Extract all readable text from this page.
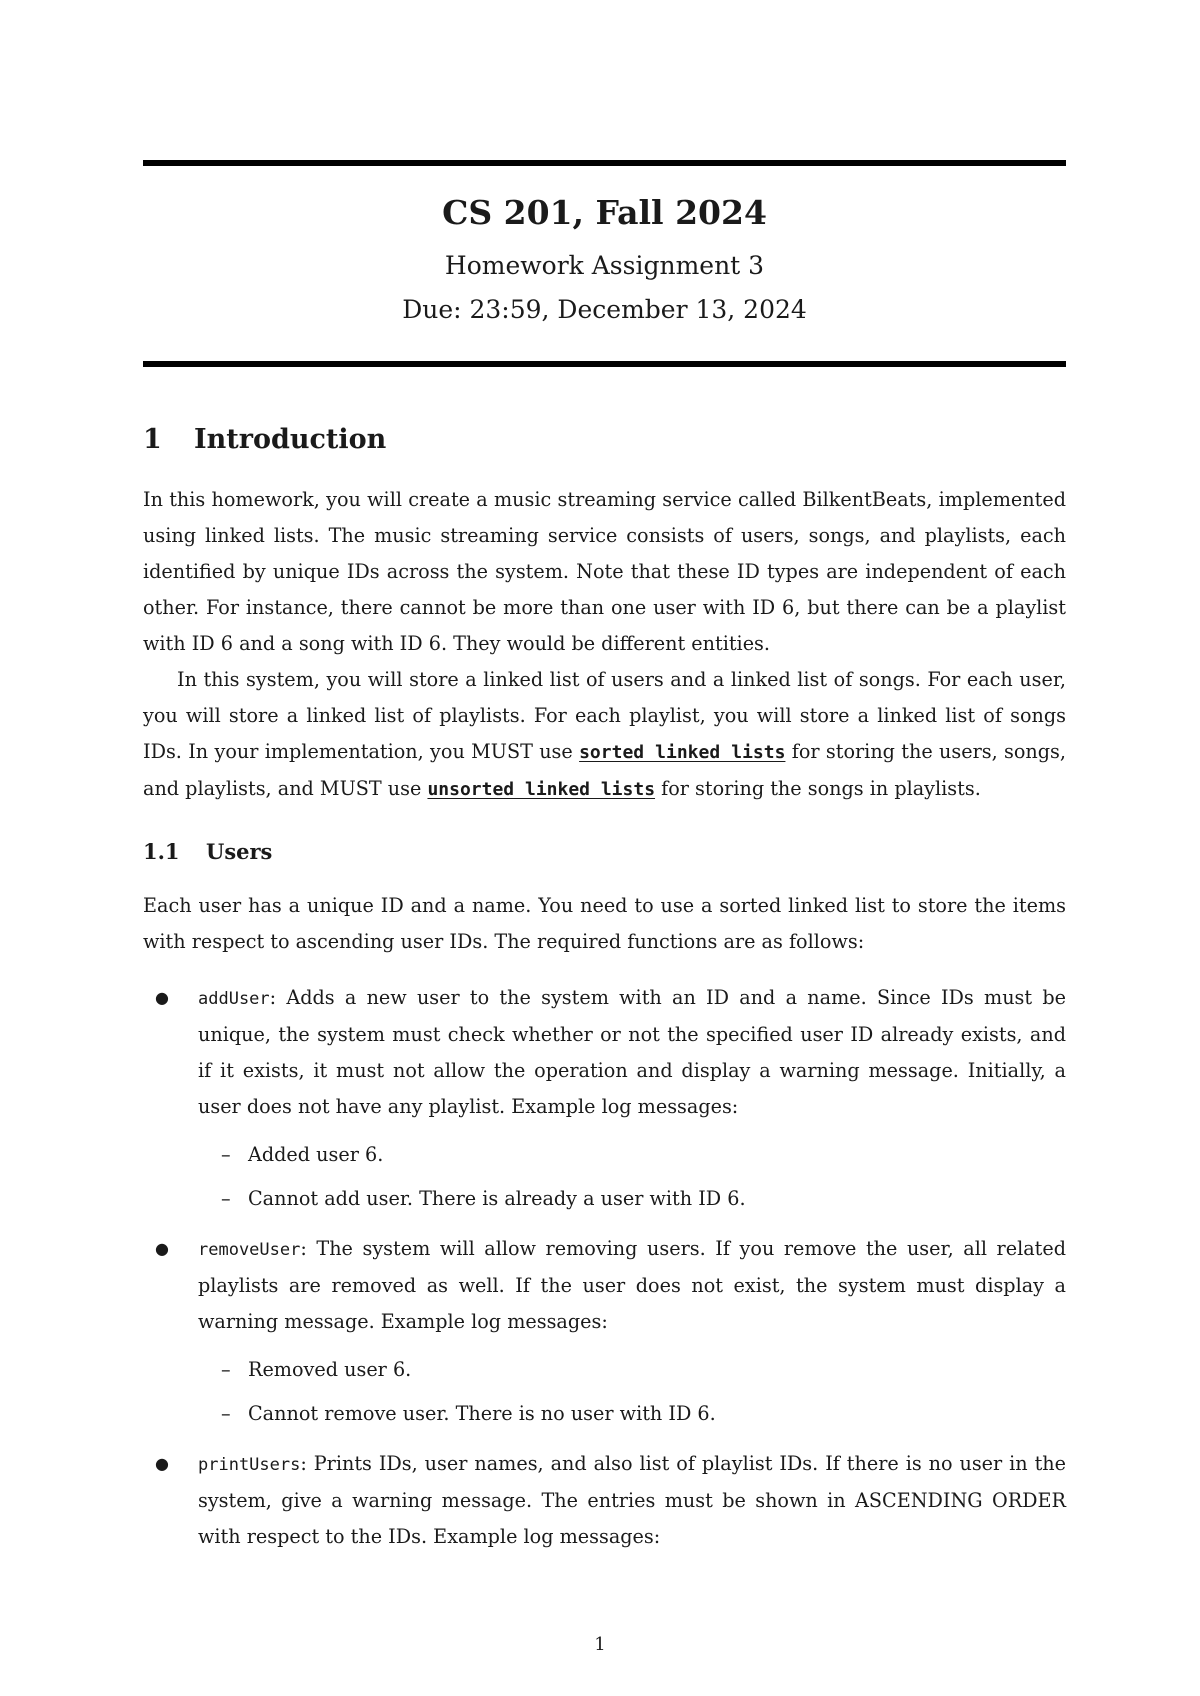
CS 201, Fall 2024
Homework Assignment 3
Due: 23:59, December 13, 2024
1 Introduction

In this homework, you will create a music streaming service called BilkentBeats, implemented using linked lists. The music streaming service consists of users, songs, and playlists, each identified by unique IDs across the system. Note that these ID types are independent of each other. For instance, there cannot be more than one user with ID 6, but there can be a playlist with ID 6 and a song with ID 6. They would be different entities.

In this system, you will store a linked list of users and a linked list of songs. For each user, you will store a linked list of playlists. For each playlist, you will store a linked list of songs IDs. In your implementation, you MUST use sorted linked lists for storing the users, songs, and playlists, and MUST use unsorted linked lists for storing the songs in playlists.

1.1 Users

Each user has a unique ID and a name. You need to use a sorted linked list to store the items with respect to ascending user IDs. The required functions are as follows:

● addUser: Adds a new user to the system with an ID and a name. Since IDs must be unique, the system must check whether or not the specified user ID already exists, and if it exists, it must not allow the operation and display a warning message. Initially, a user does not have any playlist. Example log messages:
– Added user 6.
– Cannot add user. There is already a user with ID 6.
● removeUser: The system will allow removing users. If you remove the user, all related playlists are removed as well. If the user does not exist, the system must display a warning message. Example log messages:
– Removed user 6.
– Cannot remove user. There is no user with ID 6.
● printUsers: Prints IDs, user names, and also list of playlist IDs. If there is no user in the system, give a warning message. The entries must be shown in ASCENDING ORDER with respect to the IDs. Example log messages:
1
